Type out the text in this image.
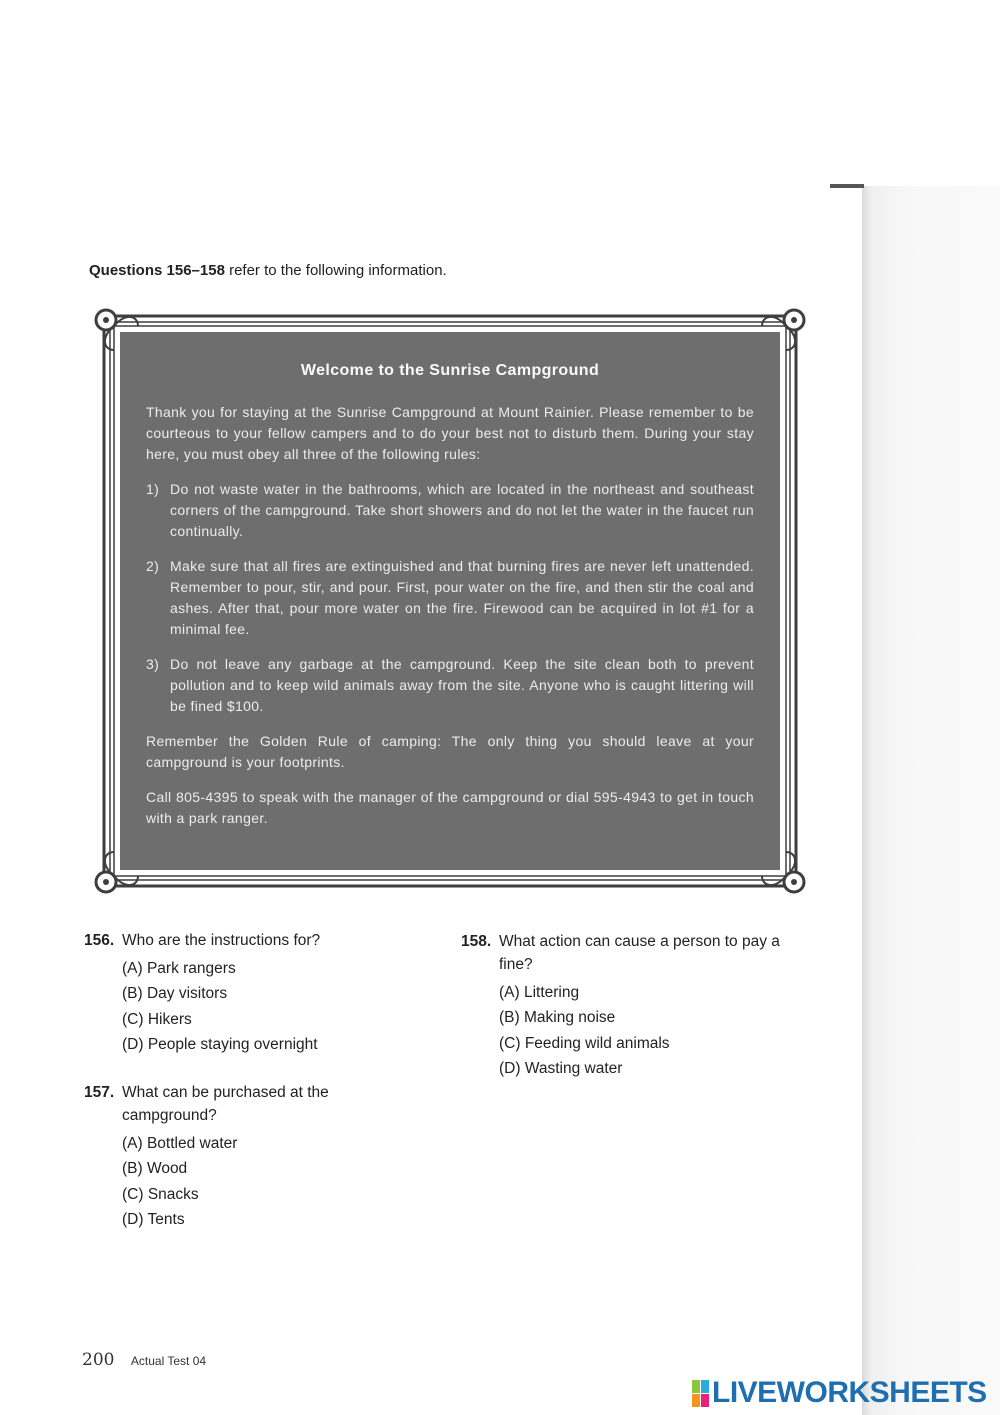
Questions 156–158 refer to the following information.
Welcome to the Sunrise Campground

Thank you for staying at the Sunrise Campground at Mount Rainier. Please remember to be courteous to your fellow campers and to do your best not to disturb them. During your stay here, you must obey all three of the following rules:

1) Do not waste water in the bathrooms, which are located in the northeast and southeast corners of the campground. Take short showers and do not let the water in the faucet run continually.
2) Make sure that all fires are extinguished and that burning fires are never left unattended. Remember to pour, stir, and pour. First, pour water on the fire, and then stir the coal and ashes. After that, pour more water on the fire. Firewood can be acquired in lot #1 for a minimal fee.
3) Do not leave any garbage at the campground. Keep the site clean both to prevent pollution and to keep wild animals away from the site. Anyone who is caught littering will be fined $100.

Remember the Golden Rule of camping: The only thing you should leave at your campground is your footprints.

Call 805-4395 to speak with the manager of the campground or dial 595-4943 to get in touch with a park ranger.

156. Who are the instructions for?
(A) Park rangers
(B) Day visitors
(C) Hikers
(D) People staying overnight
157. What can be purchased at the campground?
(A) Bottled water
(B) Wood
(C) Snacks
(D) Tents
158. What action can cause a person to pay a fine?
(A) Littering
(B) Making noise
(C) Feeding wild animals
(D) Wasting water
200 Actual Test 04
LIVEWORKSHEETS
